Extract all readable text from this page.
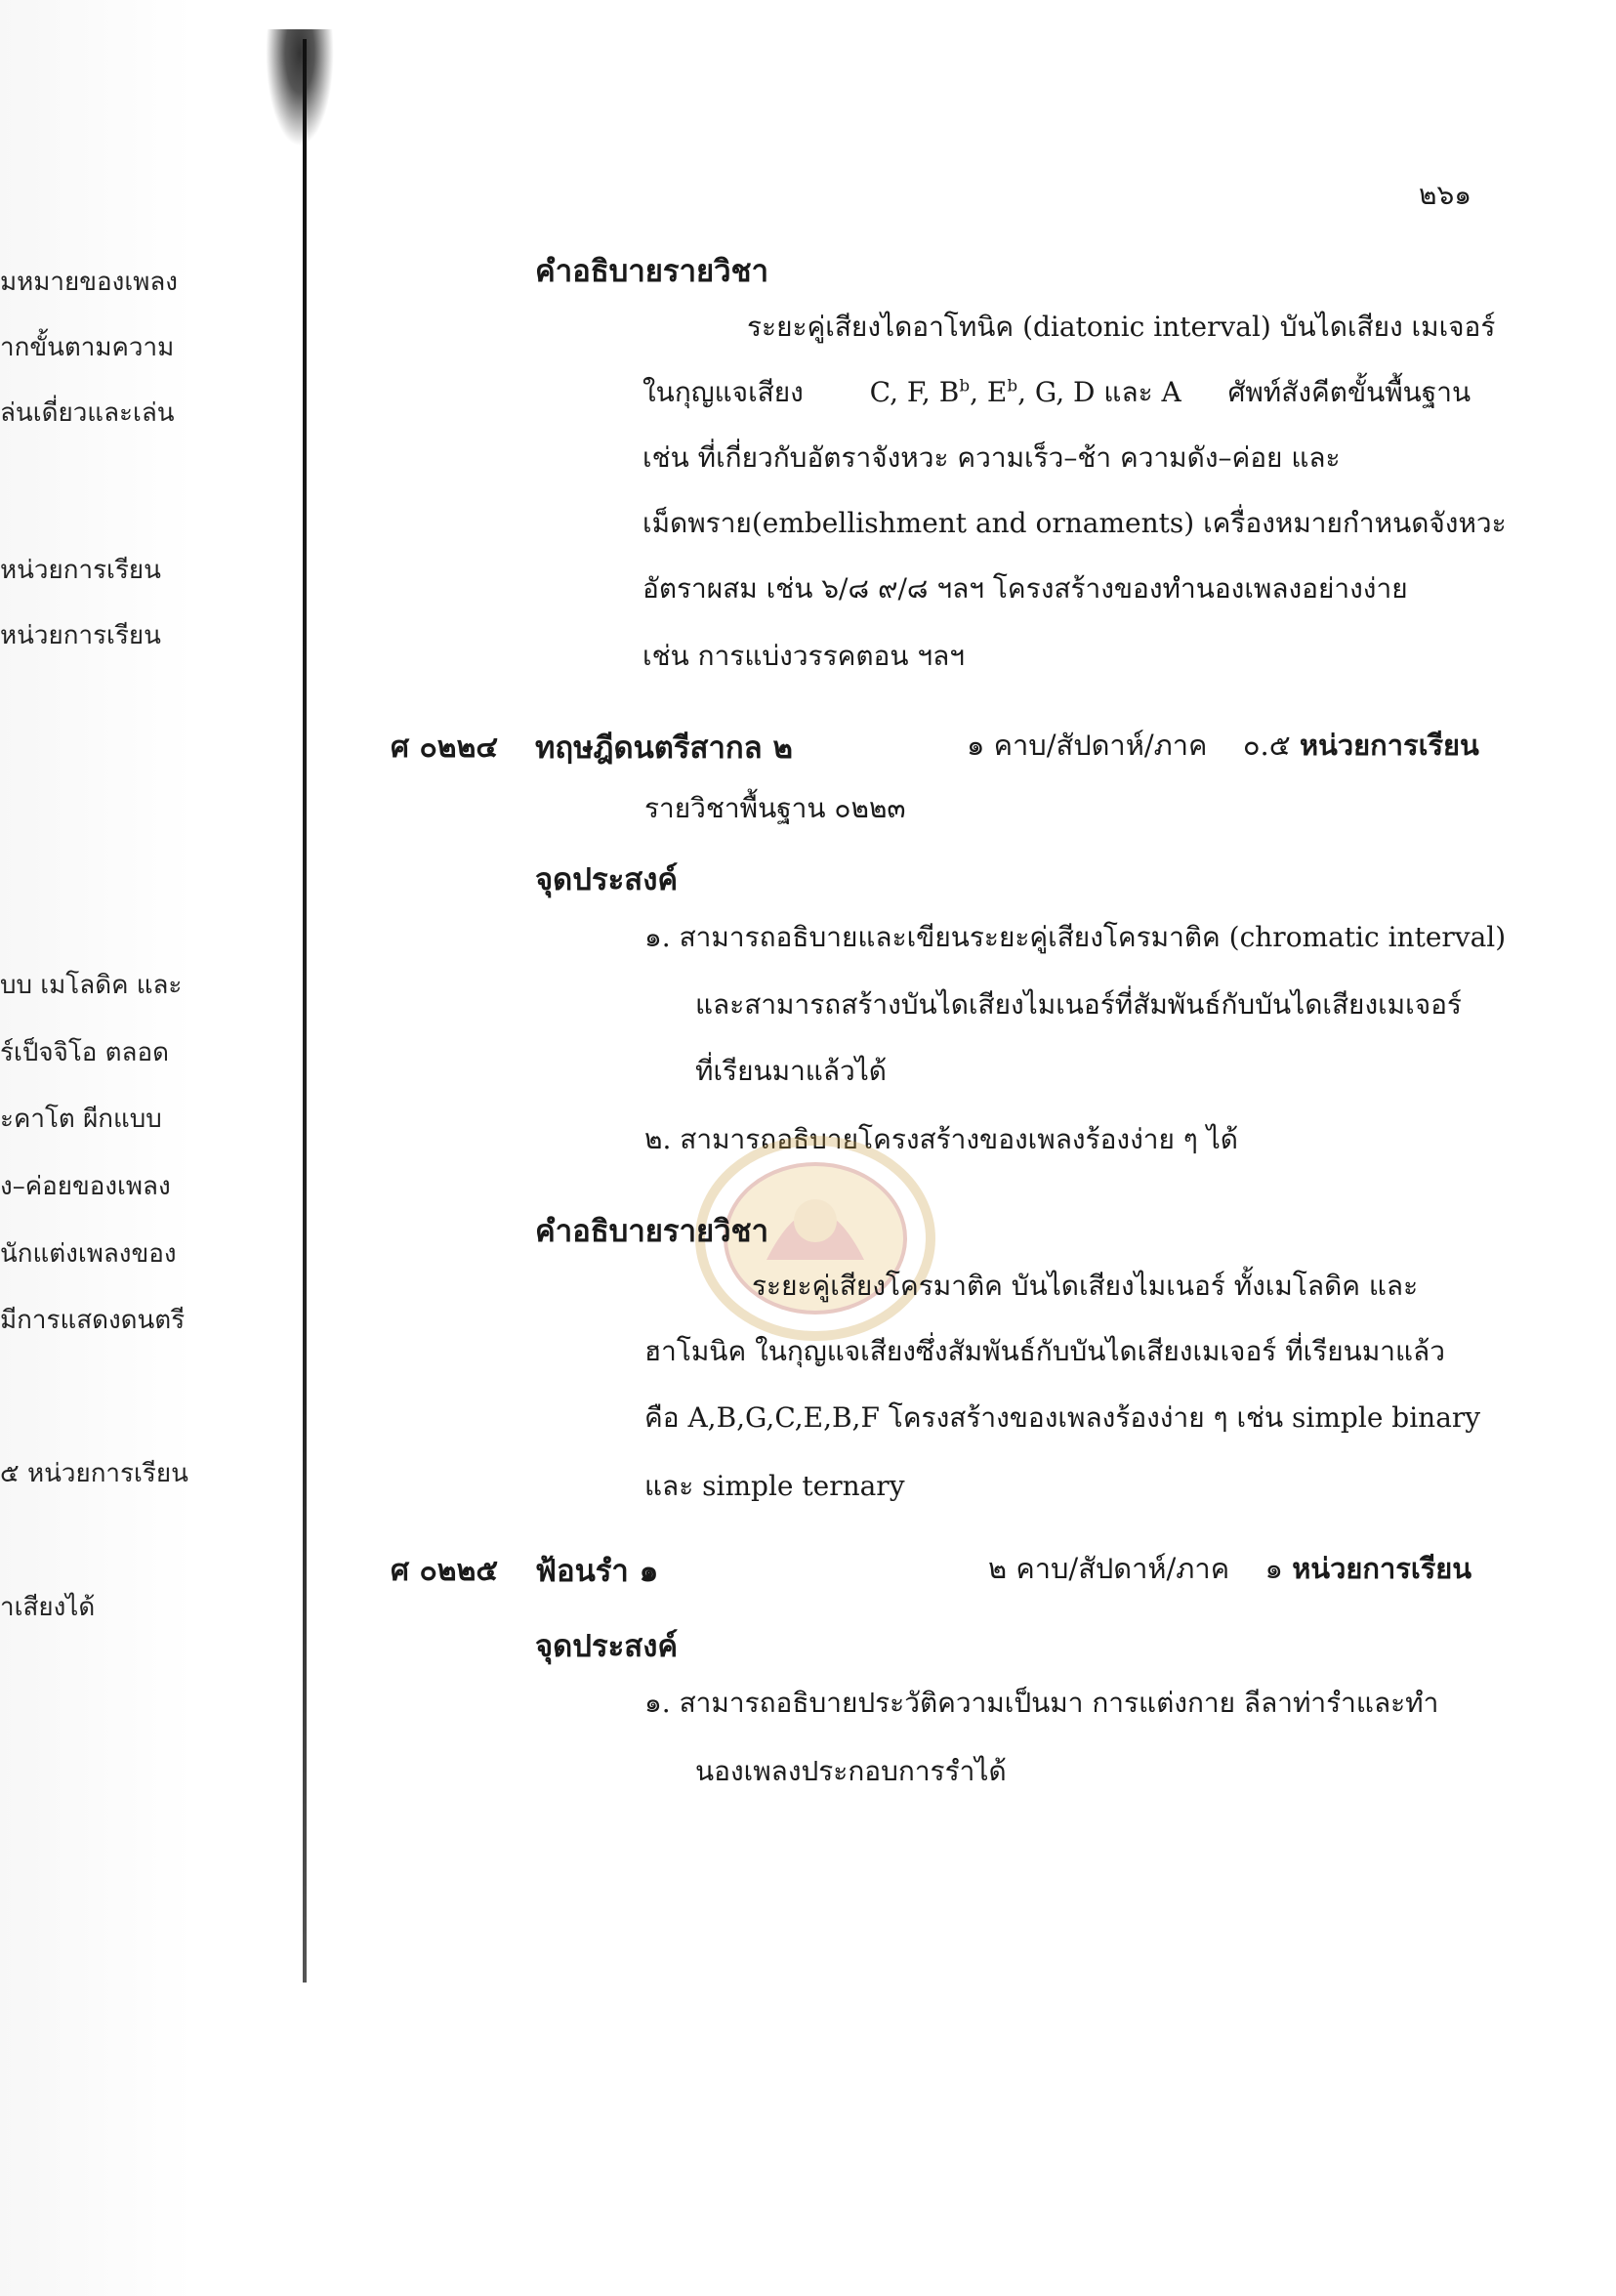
มหมายของเพลง
ากขั้นตามความ
ล่นเดี่ยวและเล่น
หน่วยการเรียน
หน่วยการเรียน
บบ เมโลดิค และ
ร์เป็จจิโอ ตลอด
ะคาโต ผีกแบบ
ง–ค่อยของเพลง
นักแต่งเพลงของ
มีการแสดงดนตรี
๕ หน่วยการเรียน
าเสียงได้
๒๖๑
คำอธิบายรายวิชา
ระยะคู่เสียงไดอาโทนิค (diatonic interval) บันไดเสียง เมเจอร์
ในกุญแจเสียง C, F, $B^b$, $E^b$, G, D และ A ศัพท์สังคีตขั้นพื้นฐาน
เช่น ที่เกี่ยวกับอัตราจังหวะ ความเร็ว–ช้า ความดัง–ค่อย และ
เม็ดพราย(embellishment and ornaments) เครื่องหมายกำหนดจังหวะ
อัตราผสม เช่น ๖/๘ ๙/๘ ฯลฯ โครงสร้างของทำนองเพลงอย่างง่าย
เช่น การแบ่งวรรคตอน ฯลฯ
ศ ๐๒๒๔ ทฤษฎีดนตรีสากล ๒	๑ คาบ/สัปดาห์/ภาค ๐.๕ หน่วยการเรียน
รายวิชาพื้นฐาน ๐๒๒๓
จุดประสงค์
๑. สามารถอธิบายและเขียนระยะคู่เสียงโครมาติค (chromatic interval)
และสามารถสร้างบันไดเสียงไมเนอร์ที่สัมพันธ์กับบันไดเสียงเมเจอร์
ที่เรียนมาแล้วได้
๒. สามารถอธิบายโครงสร้างของเพลงร้องง่าย ๆ ได้
คำอธิบายรายวิชา
ระยะคู่เสียงโครมาติค บันไดเสียงไมเนอร์ ทั้งเมโลดิค และ
ฮาโมนิค ในกุญแจเสียงซึ่งสัมพันธ์กับบันไดเสียงเมเจอร์ ที่เรียนมาแล้ว
คือ A,B,G,C,E,B,F โครงสร้างของเพลงร้องง่าย ๆ เช่น simple binary
และ simple ternary
ศ ๐๒๒๕ ฟ้อนรำ ๑	๒ คาบ/สัปดาห์/ภาค ๑ หน่วยการเรียน
จุดประสงค์
๑. สามารถอธิบายประวัติความเป็นมา การแต่งกาย ลีลาท่ารำและทำ
นองเพลงประกอบการรำได้
